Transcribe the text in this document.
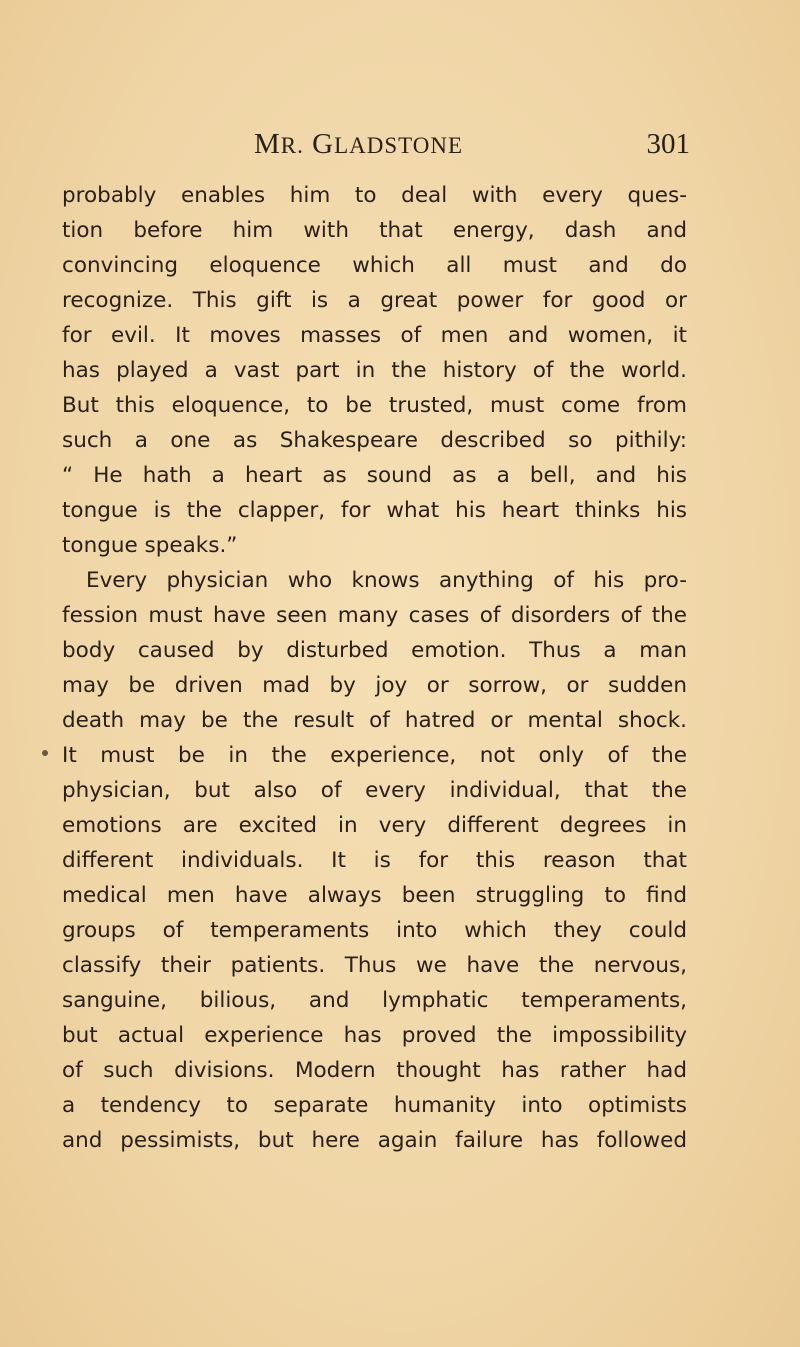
MR. GLADSTONE	301
probably enables him to deal with every ques-
tion before him with that energy, dash and
convincing eloquence which all must and do
recognize. This gift is a great power for good or
for evil. It moves masses of men and women, it
has played a vast part in the history of the world.
But this eloquence, to be trusted, must come from
such a one as Shakespeare described so pithily:
“ He hath a heart as sound as a bell, and his
tongue is the clapper, for what his heart thinks his
tongue speaks.”
Every physician who knows anything of his pro-
fession must have seen many cases of disorders of the
body caused by disturbed emotion. Thus a man
may be driven mad by joy or sorrow, or sudden
death may be the result of hatred or mental shock.
It must be in the experience, not only of the
physician, but also of every individual, that the
emotions are excited in very different degrees in
different individuals. It is for this reason that
medical men have always been struggling to find
groups of temperaments into which they could
classify their patients. Thus we have the nervous,
sanguine, bilious, and lymphatic temperaments,
but actual experience has proved the impossibility
of such divisions. Modern thought has rather had
a tendency to separate humanity into optimists
and pessimists, but here again failure has followed
